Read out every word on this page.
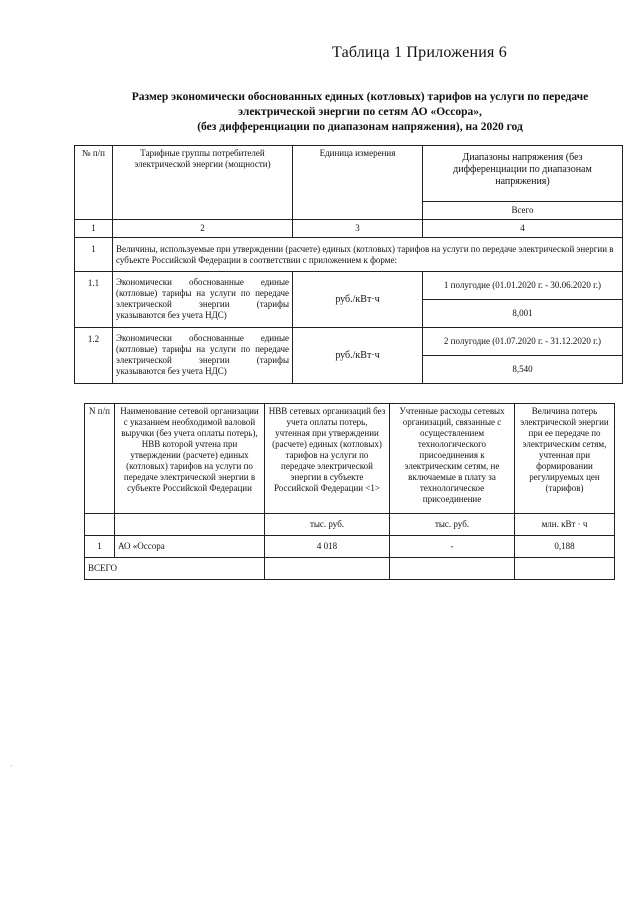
Таблица 1 Приложения 6
Размер экономически обоснованных единых (котловых) тарифов на услуги по передаче
электрической энергии по сетям АО «Оссора»,
(без дифференциации по диапазонам напряжения), на 2020 год
№ п/п	Тарифные группы потребителей электрической энергии (мощности)	Единица измерения	Диапазоны напряжения (без дифференциации по диапазонам напряжения)
			Всего
1	2	3	4
1	Величины, используемые при утверждении (расчете) единых (котловых) тарифов на услуги по передаче электрической энергии в субъекте Российской Федерации в соответствии с приложением к форме:		
1.1	Экономически обоснованные единые (котловые) тарифы на услуги по передаче электрической энергии (тарифы указываются без учета НДС)	руб./кВт·ч	1 полугодие (01.01.2020 г. - 30.06.2020 г.)
			8,001
1.2	Экономически обоснованные единые (котловые) тарифы на услуги по передаче электрической энергии (тарифы указываются без учета НДС)	руб./кВт·ч	2 полугодие (01.07.2020 г. - 31.12.2020 г.)
			8,540
N п/п	Наименование сетевой организации с указанием необходимой валовой выручки (без учета оплаты потерь), НВВ которой учтена при утверждении (расчете) единых (котловых) тарифов на услуги по передаче электрической энергии в субъекте Российской Федерации	НВВ сетевых организаций без учета оплаты потерь, учтенная при утверждении (расчете) единых (котловых) тарифов на услуги по передаче электрической энергии в субъекте Российской Федерации <1>	Учтенные расходы сетевых организаций, связанные с осуществлением технологического присоединения к электрическим сетям, не включаемые в плату за технологическое присоединение	Величина потерь электрической энергии при ее передаче по электрическим сетям, учтенная при формировании регулируемых цен (тарифов)
		тыс. руб.	тыс. руб.	млн. кВт · ч
1	АО «Оссора	4 018	-	0,188
ВСЕГО				
·
